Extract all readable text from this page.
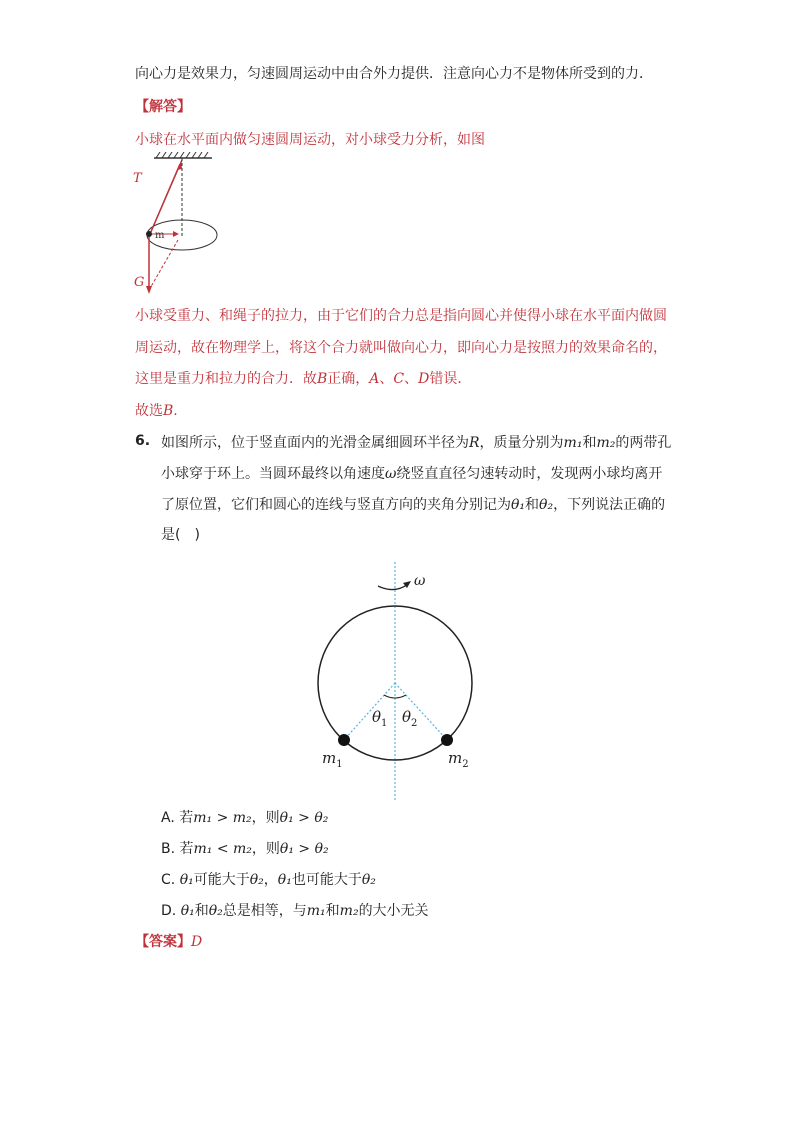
向心力是效果力，匀速圆周运动中由合外力提供．注意向心力不是物体所受到的力．
【解答】
小球在水平面内做匀速圆周运动，对小球受力分析，如图
m
T
G
小球受重力、和绳子的拉力，由于它们的合力总是指向圆心并使得小球在水平面内做圆
周运动，故在物理学上，将这个合力就叫做向心力，即向心力是按照力的效果命名的，
这里是重力和拉力的合力．故B正确，A、C、D错误．
故选B.
6. 如图所示，位于竖直面内的光滑金属细圆环半径为R，质量分别为m₁和m₂的两带孔
小球穿于环上。当圆环最终以角速度ω绕竖直直径匀速转动时，发现两小球均离开
了原位置，它们和圆心的连线与竖直方向的夹角分别记为θ₁和θ₂，下列说法正确的
是(　)
ω
$\theta_1$ $\theta_2$
$m_1$	$m_2$
A. 若m₁ > m₂，则θ₁ > θ₂
B. 若m₁ < m₂，则θ₁ > θ₂
C. θ₁可能大于θ₂，θ₁也可能大于θ₂
D. θ₁和θ₂总是相等，与m₁和m₂的大小无关
【答案】D
